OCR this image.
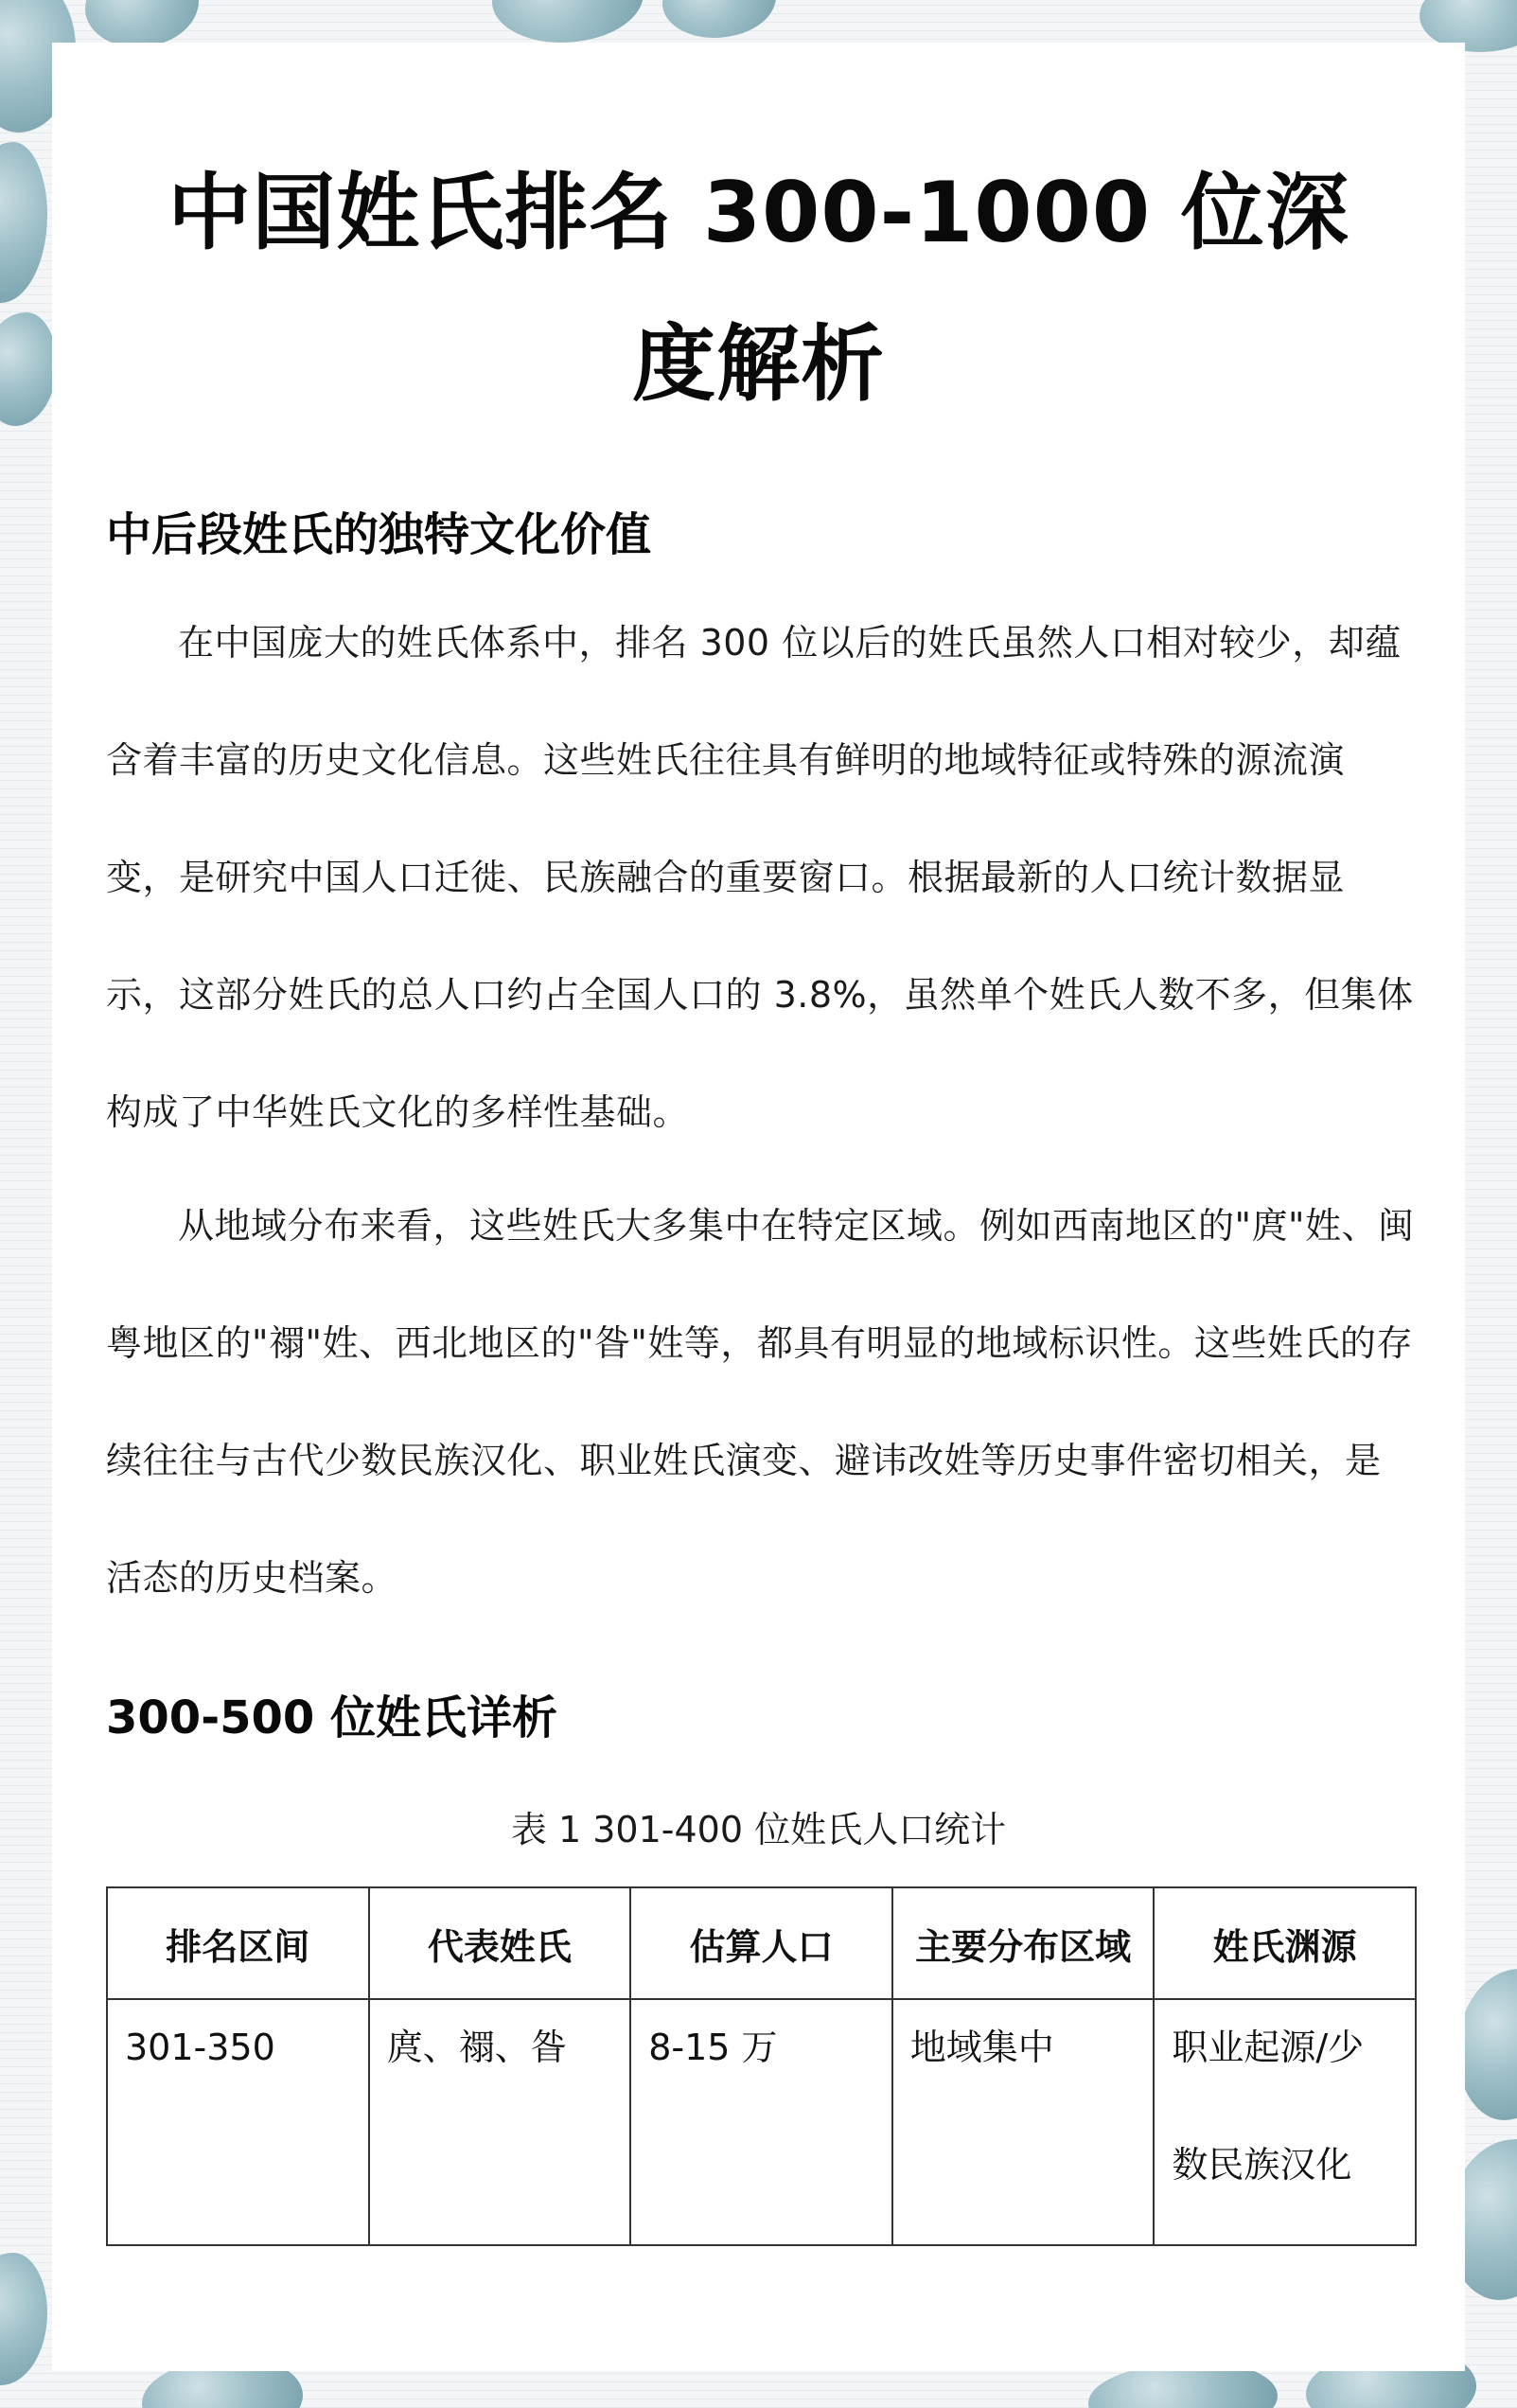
中国姓氏排名 300-1000 位深
度解析
中后段姓氏的独特文化价值

在中国庞大的姓氏体系中，排名 300 位以后的姓氏虽然人口相对较少，却蕴含着丰富的历史文化信息。这些姓氏往往具有鲜明的地域特征或特殊的源流演变，是研究中国人口迁徙、民族融合的重要窗口。根据最新的人口统计数据显示，这部分姓氏的总人口约占全国人口的 3.8%，虽然单个姓氏人数不多，但集体构成了中华姓氏文化的多样性基础。

从地域分布来看，这些姓氏大多集中在特定区域。例如西南地区的"庹"姓、闽粤地区的"禤"姓、西北地区的"昝"姓等，都具有明显的地域标识性。这些姓氏的存续往往与古代少数民族汉化、职业姓氏演变、避讳改姓等历史事件密切相关，是活态的历史档案。

300-500 位姓氏详析
表 1 301-400 位姓氏人口统计
排名区间	代表姓氏	估算人口	主要分布区域	姓氏渊源

301-350	庹、禤、昝	8-15 万	地域集中	职业起源/少数民族汉化
